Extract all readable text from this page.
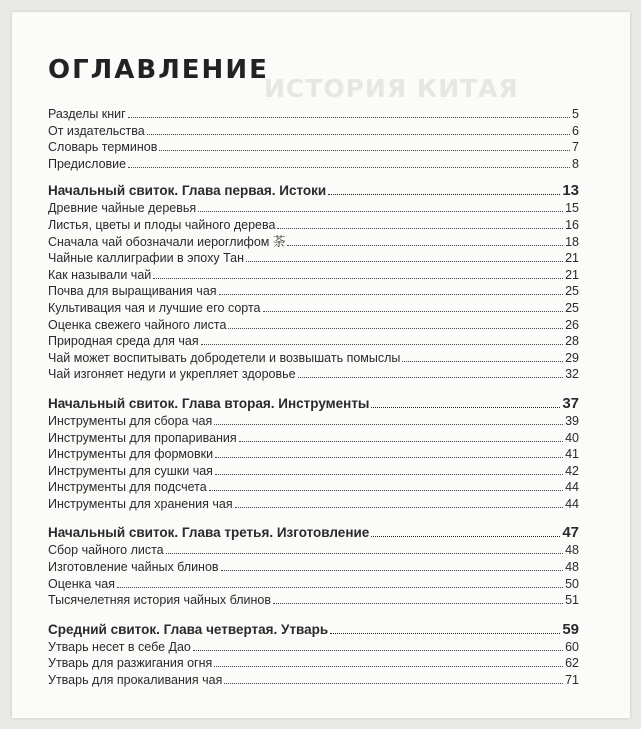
ИСТОРИЯ КИТАЯ
ОГЛАВЛЕНИЕ
Разделы книг	5
От издательства	6
Словарь терминов	7
Предисловие	8
Начальный свиток. Глава первая. Истоки	13
Древние чайные деревья	15
Листья, цветы и плоды чайного дерева	16
Сначала чай обозначали иероглифом 荼	18
Чайные каллиграфии в эпоху Тан	21
Как называли чай	21
Почва для выращивания чая	25
Культивация чая и лучшие его сорта	25
Оценка свежего чайного листа	26
Природная среда для чая	28
Чай может воспитывать добродетели и возвышать помыслы	29
Чай изгоняет недуги и укрепляет здоровье	32
Начальный свиток. Глава вторая. Инструменты	37
Инструменты для сбора чая	39
Инструменты для пропаривания	40
Инструменты для формовки	41
Инструменты для сушки чая	42
Инструменты для подсчета	44
Инструменты для хранения чая	44
Начальный свиток. Глава третья. Изготовление	47
Сбор чайного листа	48
Изготовление чайных блинов	48
Оценка чая	50
Тысячелетняя история чайных блинов	51
Средний свиток. Глава четвертая. Утварь	59
Утварь несет в себе Дао	60
Утварь для разжигания огня	62
Утварь для прокаливания чая	71
